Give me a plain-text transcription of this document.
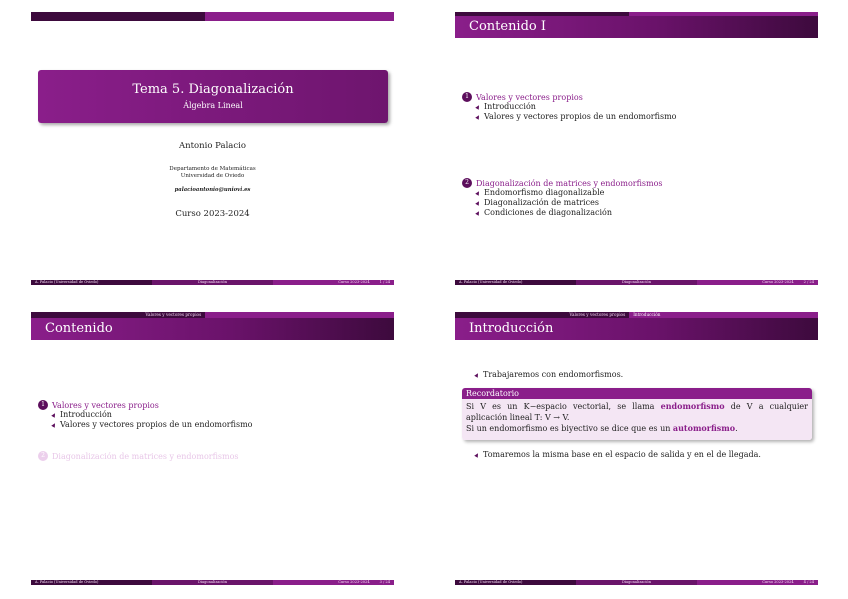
Tema 5. Diagonalización
Álgebra Lineal
Antonio Palacio
Departamento de Matemáticas
Universidad de Oviedo
palacioantonio@uniovi.es
Curso 2023-2024
A. Palacio (Universidad de Oviedo)	Diagonalización	Curso 2023-2024	1 / 24
Contenido I
1 Valores y vectores propios
Introducción
Valores y vectores propios de un endomorfismo
2 Diagonalización de matrices y endomorfismos
Endomorfismo diagonalizable
Diagonalización de matrices
Condiciones de diagonalización
A. Palacio (Universidad de Oviedo)	Diagonalización	Curso 2023-2024	2 / 24
Valores y vectores propios
Contenido
1 Valores y vectores propios
Introducción
Valores y vectores propios de un endomorfismo
2 Diagonalización de matrices y endomorfismos
A. Palacio (Universidad de Oviedo)	Diagonalización	Curso 2023-2024	3 / 24
Valores y vectores propios Introducción
Introducción
Trabajaremos con endomorfismos.
Recordatorio
Si V es un K−espacio vectorial, se llama endomorfismo de V a cualquier aplicación lineal T: V → V.
Si un endomorfismo es biyectivo se dice que es un automorfismo.
Tomaremos la misma base en el espacio de salida y en el de llegada.
A. Palacio (Universidad de Oviedo)	Diagonalización	Curso 2023-2024	4 / 24
